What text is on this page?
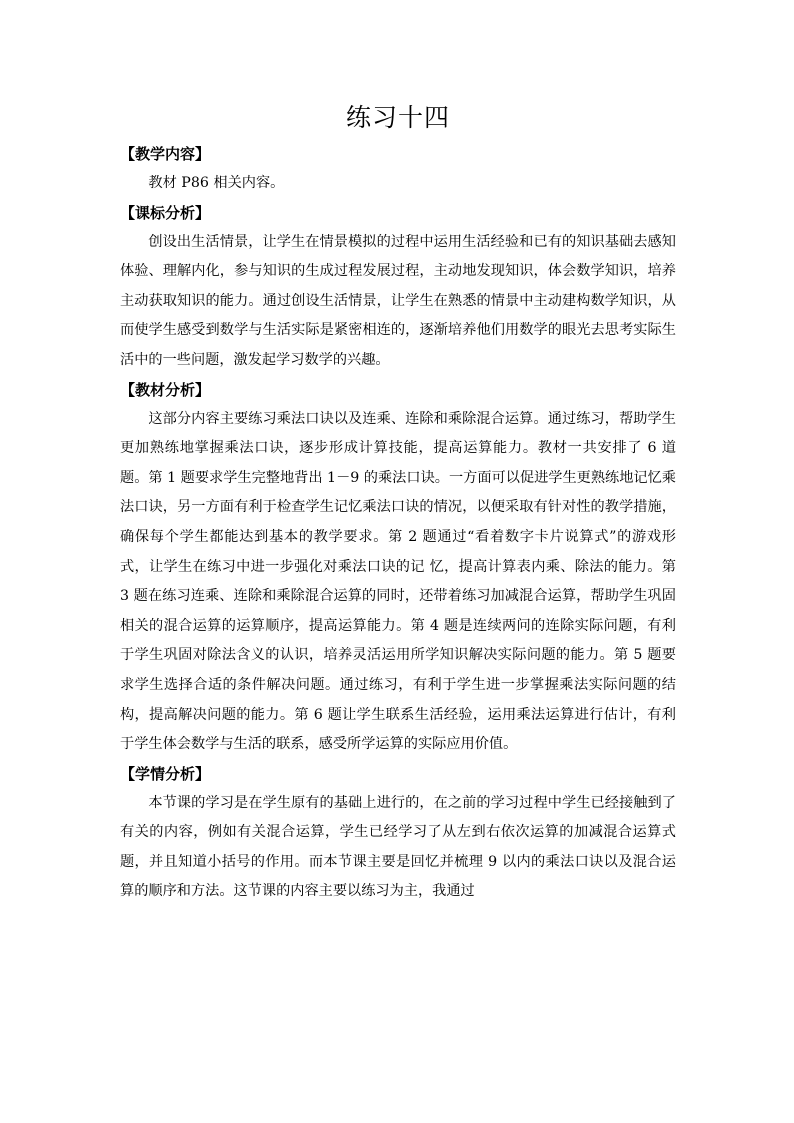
练习十四
【教学内容】

教材 P86 相关内容。

【课标分析】

创设出生活情景，让学生在情景模拟的过程中运用生活经验和已有的知识基础去感知体验、理解内化，参与知识的生成过程发展过程，主动地发现知识，体会数学知识，培养主动获取知识的能力。通过创设生活情景，让学生在熟悉的情景中主动建构数学知识，从而使学生感受到数学与生活实际是紧密相连的，逐渐培养他们用数学的眼光去思考实际生活中的一些问题，激发起学习数学的兴趣。

【教材分析】

这部分内容主要练习乘法口诀以及连乘、连除和乘除混合运算。通过练习，帮助学生更加熟练地掌握乘法口诀，逐步形成计算技能，提高运算能力。教材一共安排了 6 道题。第 1 题要求学生完整地背出 1－9 的乘法口诀。一方面可以促进学生更熟练地记忆乘法口诀，另一方面有利于检查学生记忆乘法口诀的情况，以便采取有针对性的教学措施，确保每个学生都能达到基本的教学要求。第 2 题通过“看着数字卡片说算式”的游戏形式，让学生在练习中进一步强化对乘法口诀的记 忆，提高计算表内乘、除法的能力。第 3 题在练习连乘、连除和乘除混合运算的同时，还带着练习加减混合运算，帮助学生巩固相关的混合运算的运算顺序，提高运算能力。第 4 题是连续两问的连除实际问题，有利于学生巩固对除法含义的认识，培养灵活运用所学知识解决实际问题的能力。第 5 题要求学生选择合适的条件解决问题。通过练习，有利于学生进一步掌握乘法实际问题的结构，提高解决问题的能力。第 6 题让学生联系生活经验，运用乘法运算进行估计，有利于学生体会数学与生活的联系，感受所学运算的实际应用价值。

【学情分析】

本节课的学习是在学生原有的基础上进行的，在之前的学习过程中学生已经接触到了有关的内容，例如有关混合运算，学生已经学习了从左到右依次运算的加减混合运算式题，并且知道小括号的作用。而本节课主要是回忆并梳理 9 以内的乘法口诀以及混合运算的顺序和方法。这节课的内容主要以练习为主，我通过
